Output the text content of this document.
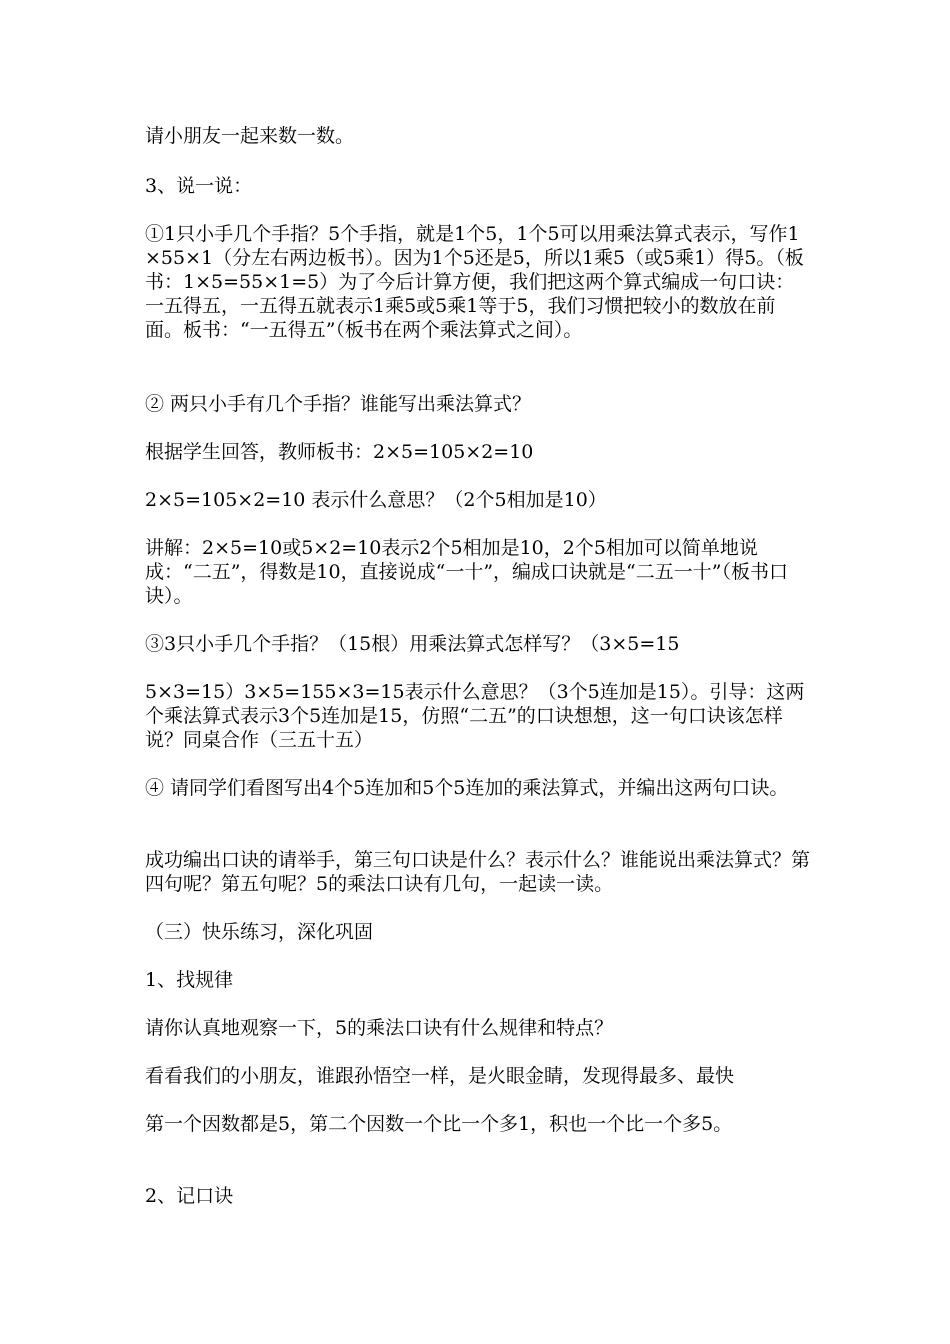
请小朋友一起来数一数。

3、说一说：

①1只小手几个手指？5个手指，就是1个5，1个5可以用乘法算式表示，写作1×55×1（分左右两边板书）。因为1个5还是5，所以1乘5（或5乘1）得5。（板书：1×5=55×1=5）为了今后计算方便，我们把这两个算式编成一句口诀：一五得五，一五得五就表示1乘5或5乘1等于5，我们习惯把较小的数放在前面。板书：“一五得五”（板书在两个乘法算式之间）。

② 两只小手有几个手指？谁能写出乘法算式？

根据学生回答，教师板书：2×5=105×2=10

2×5=105×2=10 表示什么意思？（2个5相加是10）

讲解：2×5=10或5×2=10表示2个5相加是10，2个5相加可以简单地说成：“二五”，得数是10，直接说成“一十”，编成口诀就是“二五一十”（板书口诀）。

③3只小手几个手指？（15根）用乘法算式怎样写？（3×5=15

5×3=15）3×5=155×3=15表示什么意思？（3个5连加是15）。引导：这两个乘法算式表示3个5连加是15，仿照“二五”的口诀想想，这一句口诀该怎样说？同桌合作（三五十五）

④ 请同学们看图写出4个5连加和5个5连加的乘法算式，并编出这两句口诀。

成功编出口诀的请举手，第三句口诀是什么？表示什么？谁能说出乘法算式？第四句呢？第五句呢？5的乘法口诀有几句，一起读一读。

（三）快乐练习，深化巩固

1、找规律

请你认真地观察一下，5的乘法口诀有什么规律和特点？

看看我们的小朋友，谁跟孙悟空一样，是火眼金睛，发现得最多、最快

第一个因数都是5，第二个因数一个比一个多1，积也一个比一个多5。

2、记口诀
